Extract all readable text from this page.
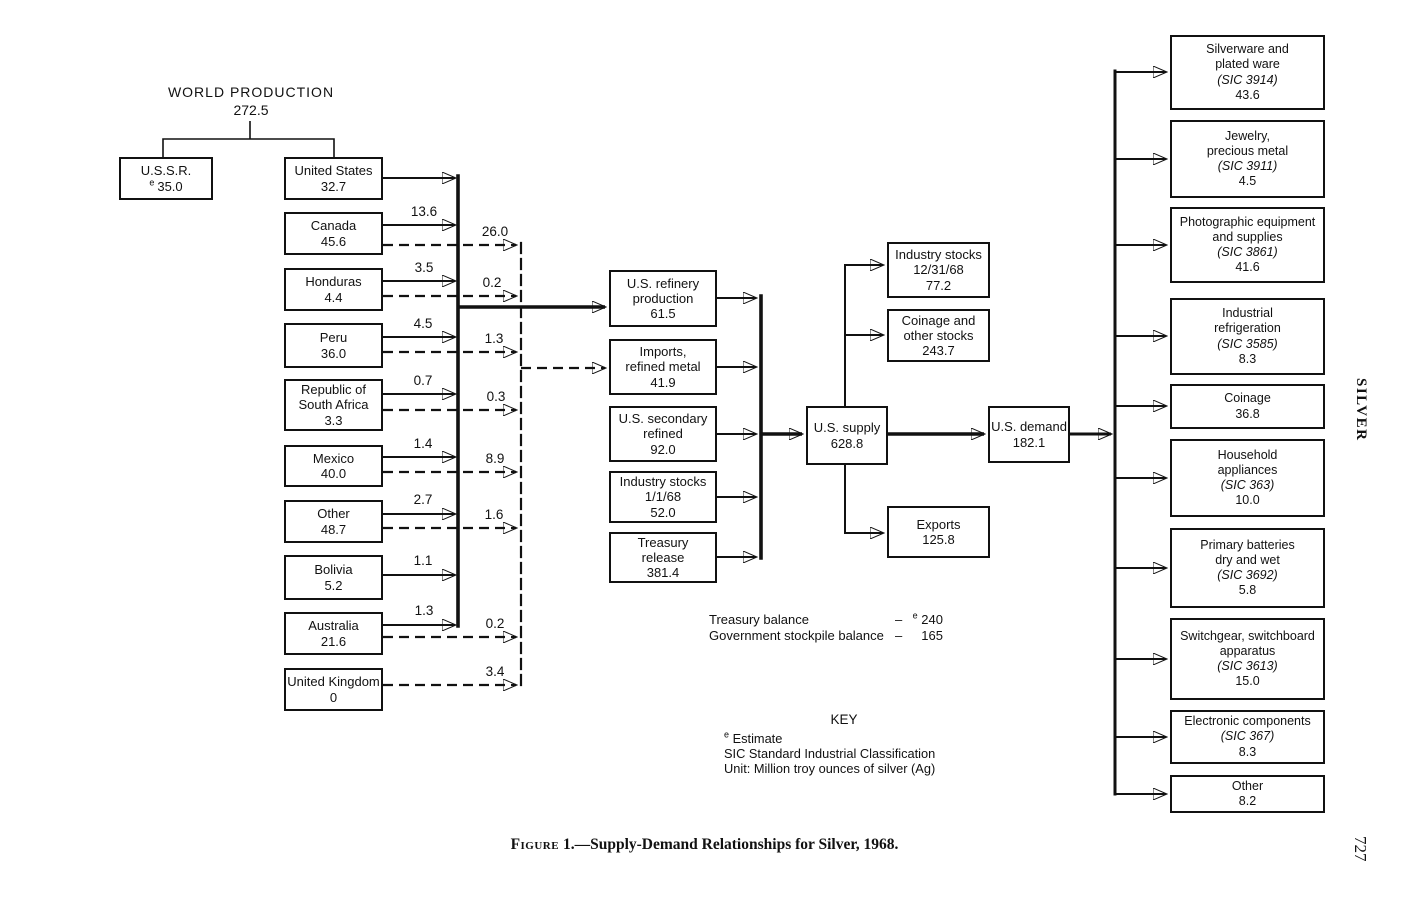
WORLD PRODUCTION
272.5
U.S.S.R.
$^e$ 35.0
United States
32.7
Canada
45.6
Honduras
4.4
Peru
36.0
Republic of South Africa
3.3
Mexico
40.0
Other
48.7
Bolivia
5.2
Australia
21.6
United Kingdom
0
13.6
26.0
3.5
0.2
4.5
1.3
0.7
0.3
1.4
8.9
2.7
1.6
1.1
1.3
0.2
3.4
U.S. refinery
production
61.5
Imports,
refined metal
41.9
U.S. secondary
refined
92.0
Industry stocks
1/1/68
52.0
Treasury
release
381.4
U.S. supply
628.8
U.S. demand
182.1
Industry stocks
12/31/68
77.2
Coinage and
other stocks
243.7
Exports
125.8
Silverware and
plated ware
(SIC 3914)
43.6
Jewelry,
precious metal
(SIC 3911)
4.5
Photographic equipment
and supplies
(SIC 3861)
41.6
Industrial
refrigeration
(SIC 3585)
8.3
Coinage
36.8
Household
appliances
(SIC 363)
10.0
Primary batteries
dry and wet
(SIC 3692)
5.8
Switchgear, switchboard
apparatus
(SIC 3613)
15.0
Electronic components
(SIC 367)
8.3
Other
8.2
Treasury balance	–	$^e$ 240
Government stockpile balance –	165
KEY
$^e$ Estimate
SIC Standard Industrial Classification
Unit: Million troy ounces of silver (Ag)
Figure 1.—Supply-Demand Relationships for Silver, 1968.
SILVER
727
